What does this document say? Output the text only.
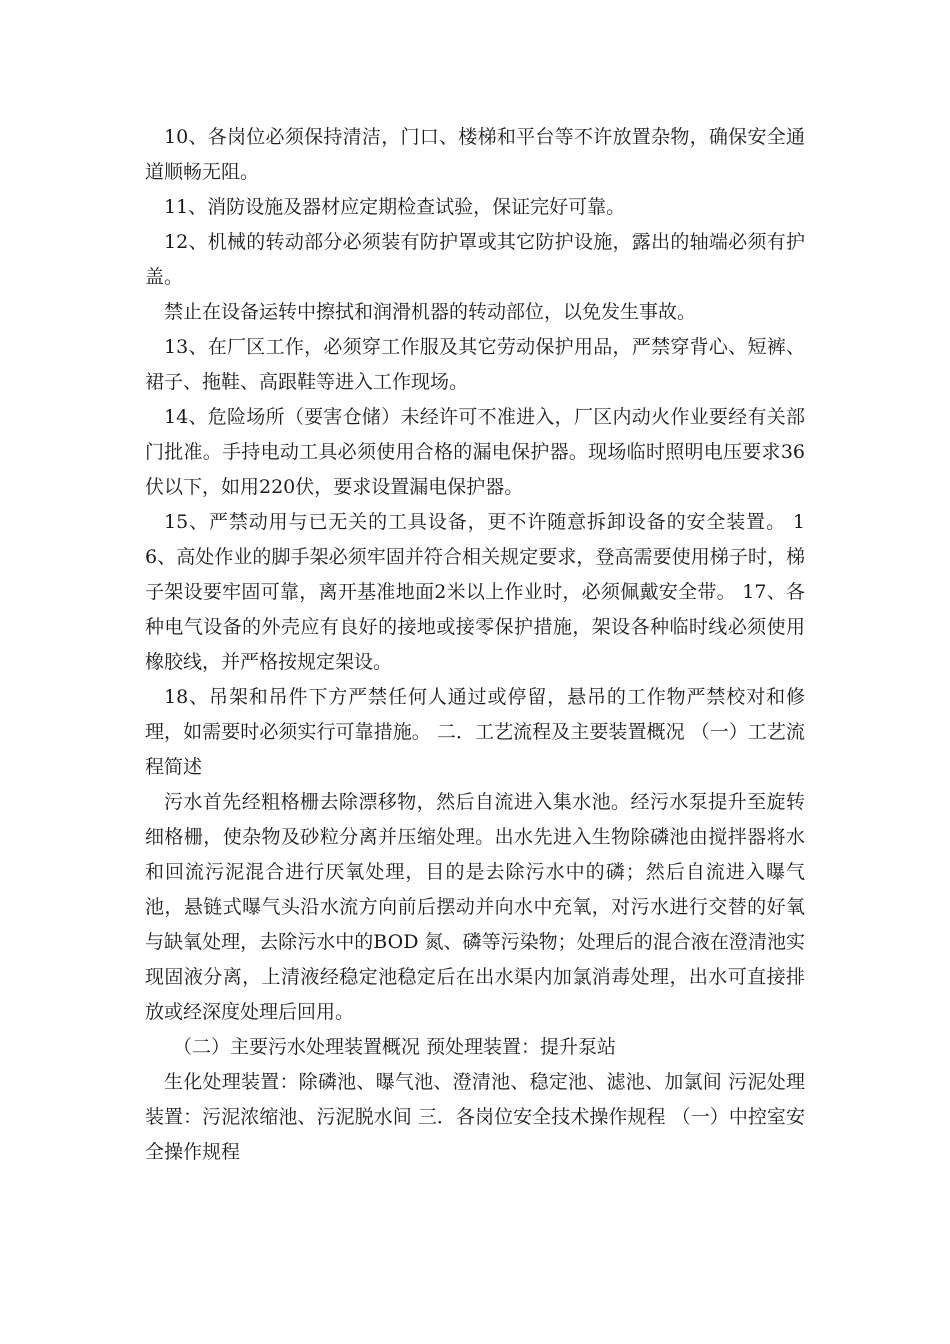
10、各岗位必须保持清洁，门口、楼梯和平台等不许放置杂物，确保安全通道顺畅无阻。

11、消防设施及器材应定期检查试验，保证完好可靠。

12、机械的转动部分必须装有防护罩或其它防护设施，露出的轴端必须有护盖。

禁止在设备运转中擦拭和润滑机器的转动部位，以免发生事故。

13、在厂区工作，必须穿工作服及其它劳动保护用品，严禁穿背心、短裤、裙子、拖鞋、高跟鞋等进入工作现场。

14、危险场所（要害仓储）未经许可不准进入，厂区内动火作业要经有关部门批准。手持电动工具必须使用合格的漏电保护器。现场临时照明电压要求36伏以下，如用220伏，要求设置漏电保护器。

15、严禁动用与已无关的工具设备，更不许随意拆卸设备的安全装置。 16、高处作业的脚手架必须牢固并符合相关规定要求，登高需要使用梯子时，梯子架设要牢固可靠，离开基准地面2米以上作业时，必须佩戴安全带。 17、各种电气设备的外壳应有良好的接地或接零保护措施，架设各种临时线必须使用橡胶线，并严格按规定架设。

18、吊架和吊件下方严禁任何人通过或停留，悬吊的工作物严禁校对和修理，如需要时必须实行可靠措施。 二．工艺流程及主要装置概况 （一）工艺流程简述

污水首先经粗格栅去除漂移物，然后自流进入集水池。经污水泵提升至旋转细格栅，使杂物及砂粒分离并压缩处理。出水先进入生物除磷池由搅拌器将水和回流污泥混合进行厌氧处理，目的是去除污水中的磷；然后自流进入曝气池，悬链式曝气头沿水流方向前后摆动并向水中充氧，对污水进行交替的好氧与缺氧处理，去除污水中的BOD 氮、磷等污染物；处理后的混合液在澄清池实现固液分离，上清液经稳定池稳定后在出水渠内加氯消毒处理，出水可直接排放或经深度处理后回用。

（二）主要污水处理装置概况 预处理装置：提升泵站

生化处理装置：除磷池、曝气池、澄清池、稳定池、滤池、加氯间 污泥处理装置：污泥浓缩池、污泥脱水间 三．各岗位安全技术操作规程 （一）中控室安全操作规程
